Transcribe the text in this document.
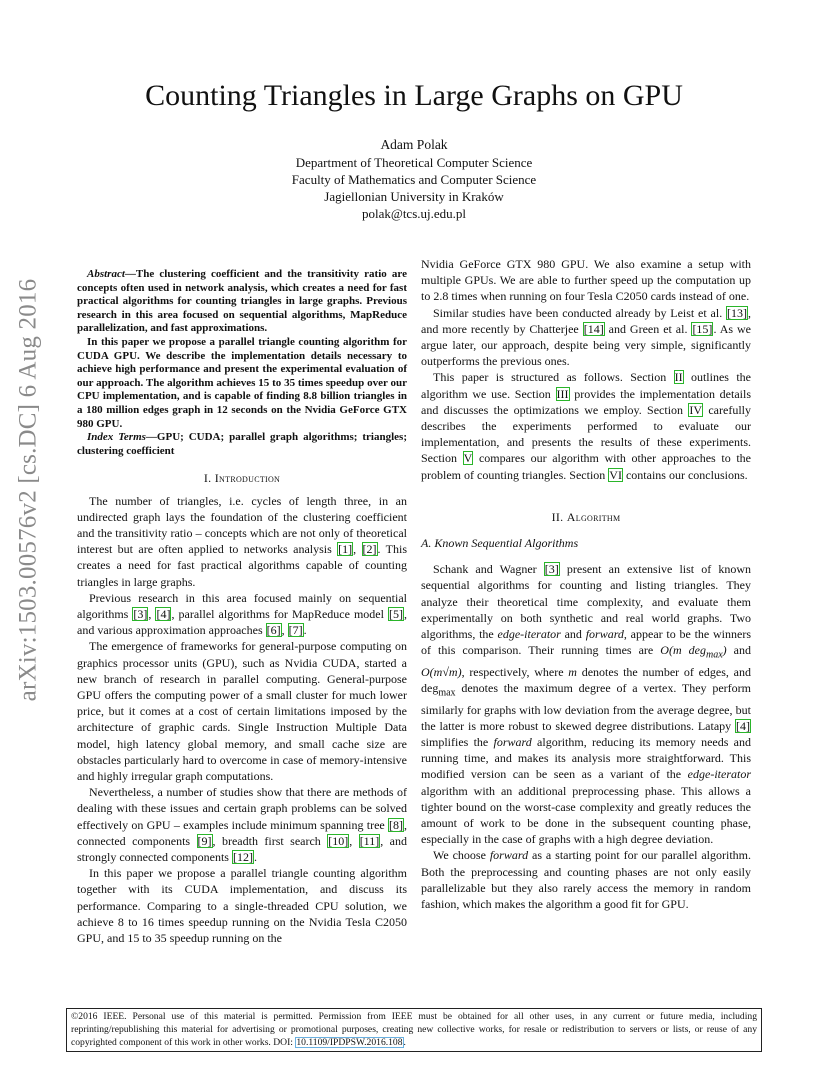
arXiv:1503.00576v2 [cs.DC] 6 Aug 2016
Counting Triangles in Large Graphs on GPU
Adam Polak
Department of Theoretical Computer Science
Faculty of Mathematics and Computer Science
Jagiellonian University in Kraków
polak@tcs.uj.edu.pl

Abstract—The clustering coefficient and the transitivity ratio are concepts often used in network analysis, which creates a need for fast practical algorithms for counting triangles in large graphs. Previous research in this area focused on sequential algorithms, MapReduce parallelization, and fast approximations.

In this paper we propose a parallel triangle counting algorithm for CUDA GPU. We describe the implementation details necessary to achieve high performance and present the experimental evaluation of our approach. The algorithm achieves 15 to 35 times speedup over our CPU implementation, and is capable of finding 8.8 billion triangles in a 180 million edges graph in 12 seconds on the Nvidia GeForce GTX 980 GPU.

Index Terms—GPU; CUDA; parallel graph algorithms; triangles; clustering coefficient

I. Introduction

The number of triangles, i.e. cycles of length three, in an undirected graph lays the foundation of the clustering coefficient and the transitivity ratio – concepts which are not only of theoretical interest but are often applied to networks analysis [1], [2]. This creates a need for fast practical algorithms capable of counting triangles in large graphs.

Previous research in this area focused mainly on sequential algorithms [3], [4], parallel algorithms for MapReduce model [5], and various approximation approaches [6], [7].

The emergence of frameworks for general-purpose computing on graphics processor units (GPU), such as Nvidia CUDA, started a new branch of research in parallel computing. General-purpose GPU offers the computing power of a small cluster for much lower price, but it comes at a cost of certain limitations imposed by the architecture of graphic cards. Single Instruction Multiple Data model, high latency global memory, and small cache size are obstacles particularly hard to overcome in case of memory-intensive and highly irregular graph computations.

Nevertheless, a number of studies show that there are methods of dealing with these issues and certain graph problems can be solved effectively on GPU – examples include minimum spanning tree [8], connected components [9], breadth first search [10], [11], and strongly connected components [12].

In this paper we propose a parallel triangle counting algorithm together with its CUDA implementation, and discuss its performance. Comparing to a single-threaded CPU solution, we achieve 8 to 16 times speedup running on the Nvidia Tesla C2050 GPU, and 15 to 35 speedup running on the

Nvidia GeForce GTX 980 GPU. We also examine a setup with multiple GPUs. We are able to further speed up the computation up to 2.8 times when running on four Tesla C2050 cards instead of one.

Similar studies have been conducted already by Leist et al. [13], and more recently by Chatterjee [14] and Green et al. [15]. As we argue later, our approach, despite being very simple, significantly outperforms the previous ones.

This paper is structured as follows. Section II outlines the algorithm we use. Section III provides the implementation details and discusses the optimizations we employ. Section IV carefully describes the experiments performed to evaluate our implementation, and presents the results of these experiments. Section V compares our algorithm with other approaches to the problem of counting triangles. Section VI contains our conclusions.

II. Algorithm
A. Known Sequential Algorithms

Schank and Wagner [3] present an extensive list of known sequential algorithms for counting and listing triangles. They analyze their theoretical time complexity, and evaluate them experimentally on both synthetic and real world graphs. Two algorithms, the edge-iterator and forward, appear to be the winners of this comparison. Their running times are O(m deg$_{max}$) and O(m√m), respectively, where m denotes the number of edges, and deg$_{max}$ denotes the maximum degree of a vertex. They perform similarly for graphs with low deviation from the average degree, but the latter is more robust to skewed degree distributions. Latapy [4] simplifies the forward algorithm, reducing its memory needs and running time, and makes its analysis more straightforward. This modified version can be seen as a variant of the edge-iterator algorithm with an additional preprocessing phase. This allows a tighter bound on the worst-case complexity and greatly reduces the amount of work to be done in the subsequent counting phase, especially in the case of graphs with a high degree deviation.

We choose forward as a starting point for our parallel algorithm. Both the preprocessing and counting phases are not only easily parallelizable but they also rarely access the memory in random fashion, which makes the algorithm a good fit for GPU.

©2016 IEEE. Personal use of this material is permitted. Permission from IEEE must be obtained for all other uses, in any current or future media, including reprinting/republishing this material for advertising or promotional purposes, creating new collective works, for resale or redistribution to servers or lists, or reuse of any copyrighted component of this work in other works. DOI: 10.1109/IPDPSW.2016.108.
